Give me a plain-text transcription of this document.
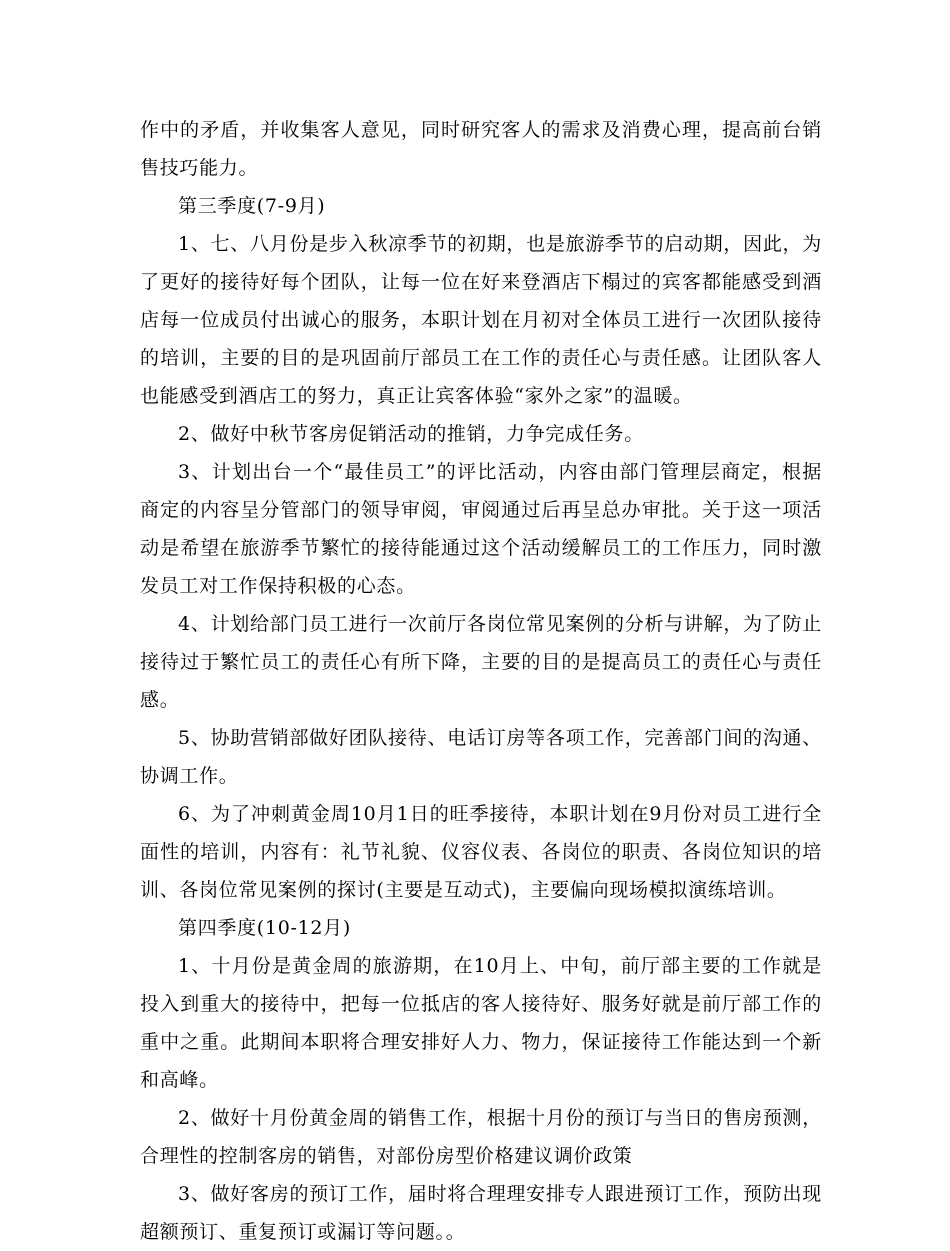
作中的矛盾，并收集客人意见，同时研究客人的需求及消费心理，提高前台销售技巧能力。

第三季度(7-9月)

1、七、八月份是步入秋凉季节的初期，也是旅游季节的启动期，因此，为了更好的接待好每个团队，让每一位在好来登酒店下榻过的宾客都能感受到酒店每一位成员付出诚心的服务，本职计划在月初对全体员工进行一次团队接待的培训，主要的目的是巩固前厅部员工在工作的责任心与责任感。让团队客人也能感受到酒店工的努力，真正让宾客体验“家外之家”的温暖。

2、做好中秋节客房促销活动的推销，力争完成任务。

3、计划出台一个“最佳员工”的评比活动，内容由部门管理层商定，根据商定的内容呈分管部门的领导审阅，审阅通过后再呈总办审批。关于这一项活动是希望在旅游季节繁忙的接待能通过这个活动缓解员工的工作压力，同时激发员工对工作保持积极的心态。

4、计划给部门员工进行一次前厅各岗位常见案例的分析与讲解，为了防止接待过于繁忙员工的责任心有所下降，主要的目的是提高员工的责任心与责任感。

5、协助营销部做好团队接待、电话订房等各项工作，完善部门间的沟通、协调工作。

6、为了冲刺黄金周10月1日的旺季接待，本职计划在9月份对员工进行全面性的培训，内容有：礼节礼貌、仪容仪表、各岗位的职责、各岗位知识的培训、各岗位常见案例的探讨(主要是互动式)，主要偏向现场模拟演练培训。

第四季度(10-12月)

1、十月份是黄金周的旅游期，在10月上、中旬，前厅部主要的工作就是投入到重大的接待中，把每一位抵店的客人接待好、服务好就是前厅部工作的重中之重。此期间本职将合理安排好人力、物力，保证接待工作能达到一个新和高峰。

2、做好十月份黄金周的销售工作，根据十月份的预订与当日的售房预测，合理性的控制客房的销售，对部份房型价格建议调价政策

3、做好客房的预订工作，届时将合理理安排专人跟进预订工作，预防出现超额预订、重复预订或漏订等问题。。
